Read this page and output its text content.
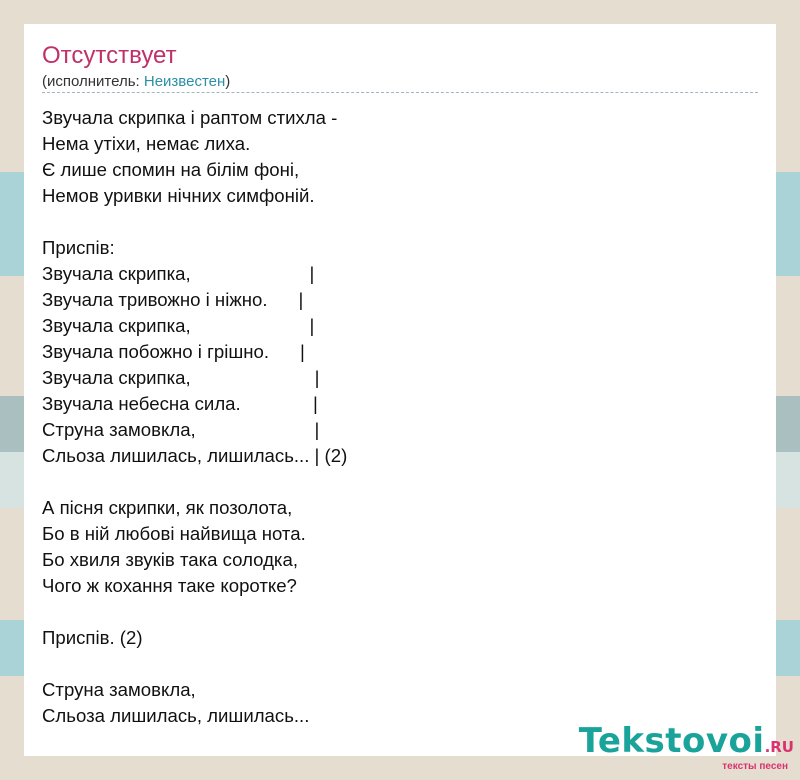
Отсутствует
(исполнитель: Неизвестен)
Звучала скрипка і раптом стихла -
Нема утіхи, немає лиха.
Є лише спомин на білім фоні,
Немов уривки нічних симфоній.

Приспів:
Звучала скрипка,                       |
Звучала тривожно і ніжно.      |
Звучала скрипка,                       |
Звучала побожно і грішно.      |
Звучала скрипка,                        |
Звучала небесна сила.              |
Струна замовкла,                       |
Сльоза лишилась, лишилась... | (2)

А пісня скрипки, як позолота,
Бо в ній любові найвища нота.
Бо хвиля звуків така солодка,
Чого ж кохання таке коротке?

Приспів. (2)

Струна замовкла,
Сльоза лишилась, лишилась...
Tekstovoi.RU
тексты песен
